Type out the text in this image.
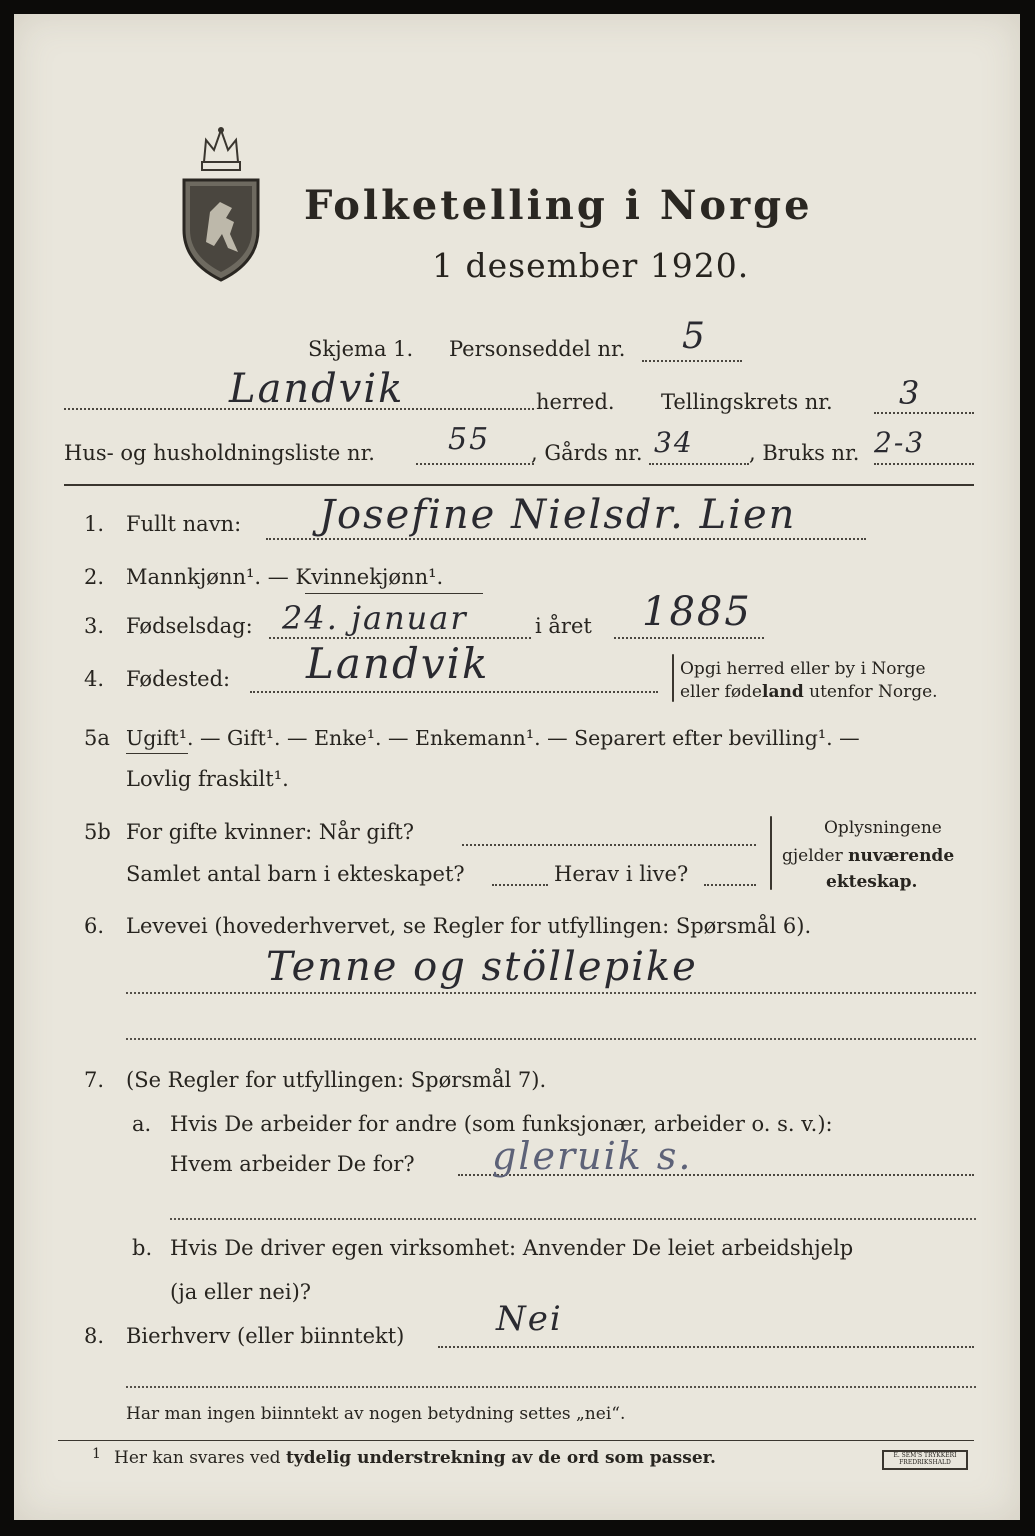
Folketelling i Norge
1 desember 1920.
Skjema 1. Personseddel nr. 5
Landvik	herred. Tellingskrets nr. 3
Hus- og husholdningsliste nr. 55 , Gårds nr. 34	, Bruks nr. 2-3
1. Fullt navn: Josefine Nielsdr. Lien
2. Mannkjønn¹. — Kvinnekjønn¹.
3. Fødselsdag: 24. januar	i året 1885
4. Fødested: Landvik	Opgi herred eller by i Norge
eller fødeland utenfor Norge.
5a Ugift¹. — Gift¹. — Enke¹. — Enkemann¹. — Separert efter bevilling¹. —
Lovlig fraskilt¹.
5b For gifte kvinner: Når gift?
Samlet antal barn i ekteskapet?	Herav i live?
Oplysningene
gjelder nuværende
ekteskap.
6. Levevei (hovederhvervet, se Regler for utfyllingen: Spørsmål 6).
Tenne og stöllepike
7. (Se Regler for utfyllingen: Spørsmål 7).
a. Hvis De arbeider for andre (som funksjonær, arbeider o. s. v.):
Hvem arbeider De for? gleruik s.
b. Hvis De driver egen virksomhet: Anvender De leiet arbeidshjelp
(ja eller nei)?
8. Bierhverv (eller biinntekt)	Nei
Har man ingen biinntekt av nogen betydning settes „nei“.
1 Her kan svares ved tydelig understrekning av de ord som passer.	E. SEM'S TRYKKERI FREDRIKSHALD
